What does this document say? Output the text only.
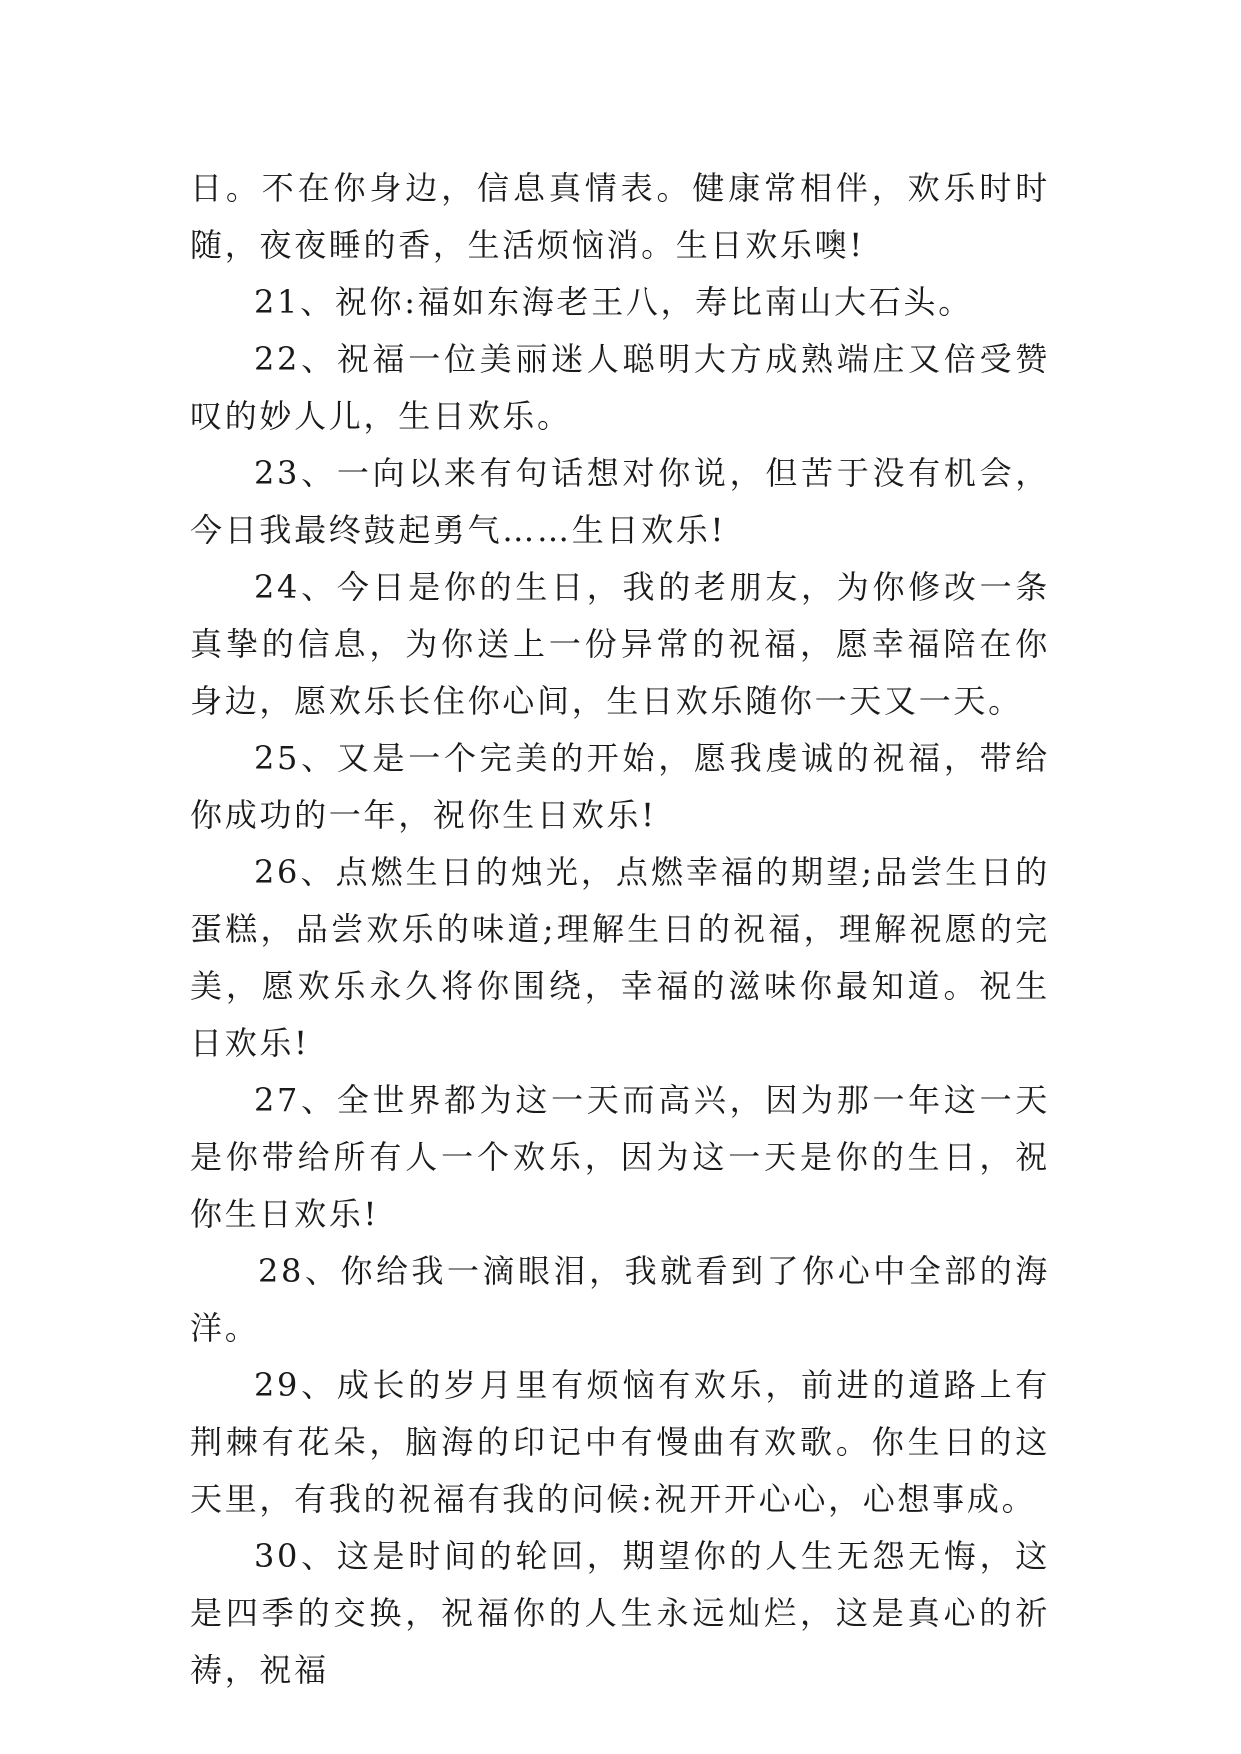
日。不在你身边，信息真情表。健康常相伴，欢乐时时随，夜夜睡的香，生活烦恼消。生日欢乐噢!

21、祝你:福如东海老王八，寿比南山大石头。

22、祝福一位美丽迷人聪明大方成熟端庄又倍受赞叹的妙人儿，生日欢乐。

23、一向以来有句话想对你说，但苦于没有机会，今日我最终鼓起勇气……生日欢乐!

24、今日是你的生日，我的老朋友，为你修改一条真挚的信息，为你送上一份异常的祝福，愿幸福陪在你身边，愿欢乐长住你心间，生日欢乐随你一天又一天。

25、又是一个完美的开始，愿我虔诚的祝福，带给你成功的一年，祝你生日欢乐!

26、点燃生日的烛光，点燃幸福的期望;品尝生日的蛋糕，品尝欢乐的味道;理解生日的祝福，理解祝愿的完美，愿欢乐永久将你围绕，幸福的滋味你最知道。祝生日欢乐!

27、全世界都为这一天而高兴，因为那一年这一天是你带给所有人一个欢乐，因为这一天是你的生日，祝你生日欢乐!

28、你给我一滴眼泪，我就看到了你心中全部的海洋。

29、成长的岁月里有烦恼有欢乐，前进的道路上有荆棘有花朵，脑海的印记中有慢曲有欢歌。你生日的这天里，有我的祝福有我的问候:祝开开心心，心想事成。

30、这是时间的轮回，期望你的人生无怨无悔，这是四季的交换，祝福你的人生永远灿烂，这是真心的祈祷，祝福
